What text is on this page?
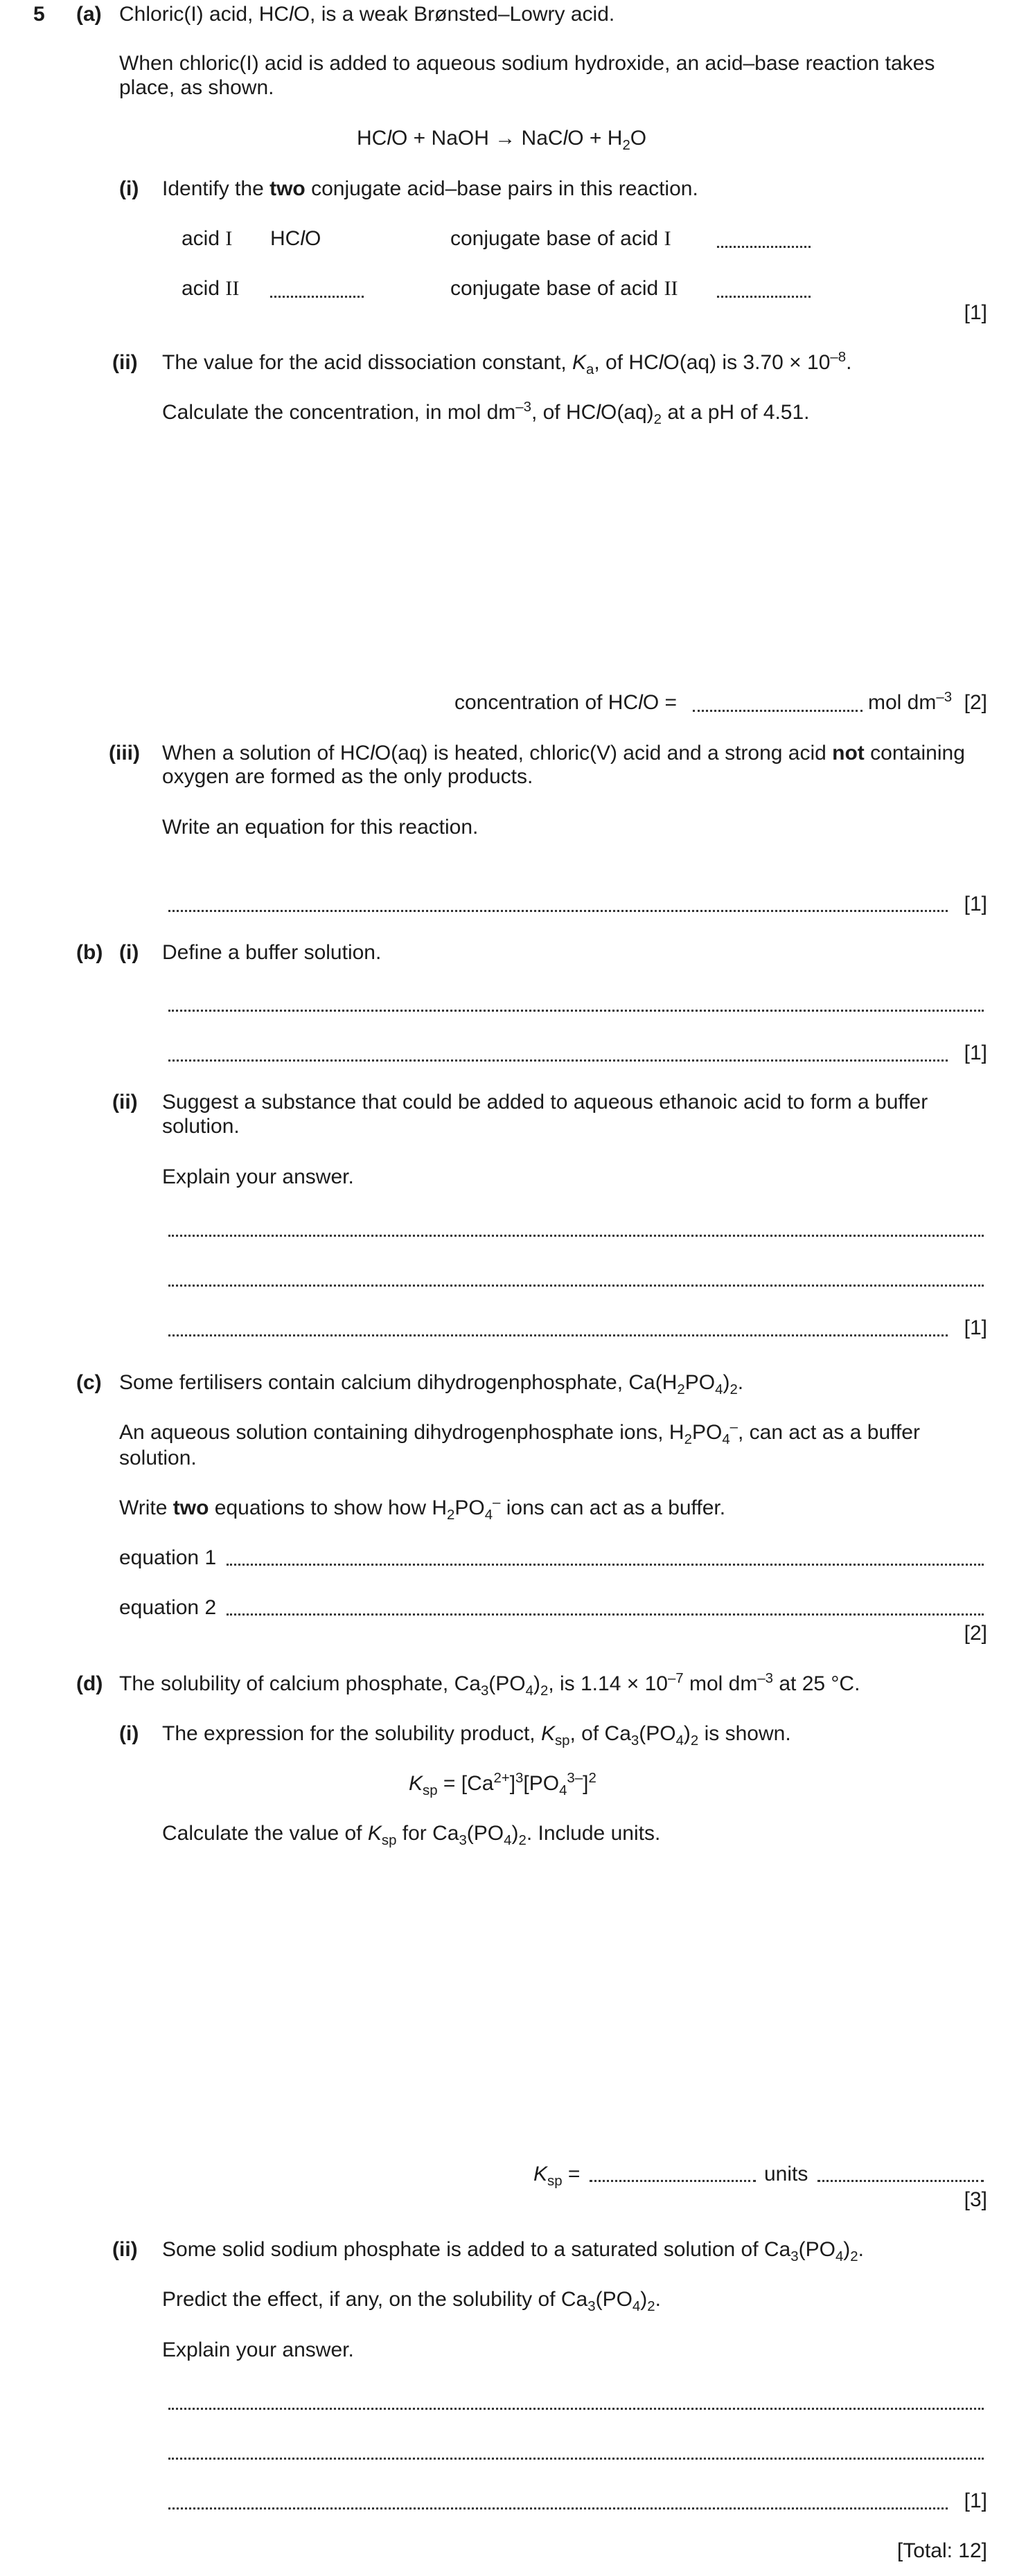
5 (a) Chloric(I) acid, HClO, is a weak Brønsted–Lowry acid.
When chloric(I) acid is added to aqueous sodium hydroxide, an acid–base reaction takes
place, as shown.
HClO + NaOH → NaClO + $H_2O$
(i) Identify the two conjugate acid–base pairs in this reaction.
acid I HClO	conjugate base of acid I
acid II	conjugate base of acid II
[1]
(ii) The value for the acid dissociation constant, $K_a$, of HClO(aq) is $3.70 \times 10^{-8}$.
Calculate the concentration, in mol $dm^{-3}$, of $HClO(aq)_2$ at a pH of 4.51.
concentration of HClO =	mol $dm^{-3}$ [2]
(iii) When a solution of HClO(aq) is heated, chloric(V) acid and a strong acid not containing
oxygen are formed as the only products.
Write an equation for this reaction.
[1]
(b) (i) Define a buffer solution.
[1]
(ii) Suggest a substance that could be added to aqueous ethanoic acid to form a buffer
solution.
Explain your answer.
[1]
(c) Some fertilisers contain calcium dihydrogenphosphate, $Ca(H_2PO_4)_2$.
An aqueous solution containing dihydrogenphosphate ions, $H_2PO_4^-$, can act as a buffer
solution.
Write two equations to show how $H_2PO_4^-$ ions can act as a buffer.
equation 1
equation 2
[2]
(d) The solubility of calcium phosphate, $Ca_3(PO_4)_2$, is $1.14 \times 10^{-7}$ mol $dm^{-3}$ at 25 °C.
(i) The expression for the solubility product, $K_{sp}$, of $Ca_3(PO_4)_2$ is shown.
$K_{sp} = [Ca^{2+}]^3[PO_4^{3-}]^2$
Calculate the value of $K_{sp}$ for $Ca_3(PO_4)_2$. Include units.
$K_{sp}$ =	units
[3]
(ii) Some solid sodium phosphate is added to a saturated solution of $Ca_3(PO_4)_2$.
Predict the effect, if any, on the solubility of $Ca_3(PO_4)_2$.
Explain your answer.
[1]
[Total: 12]
